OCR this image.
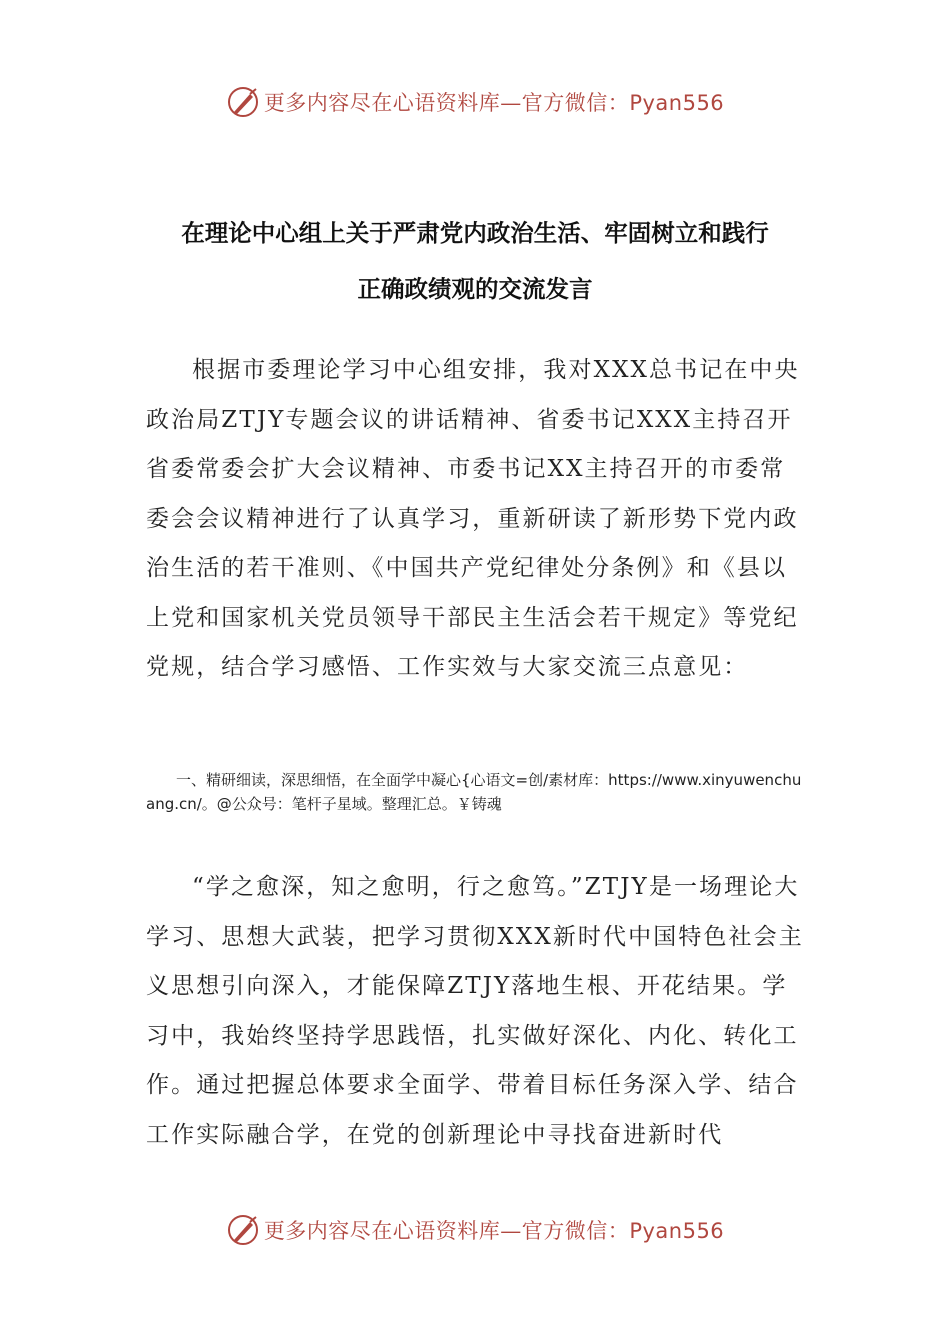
更多内容尽在心语资料库—官方微信：Pyan556
在理论中心组上关于严肃党内政治生活、牢固树立和践行
正确政绩观的交流发言

根据市委理论学习中心组安排，我对XXX总书记在中央政治局ZTJY专题会议的讲话精神、省委书记XXX主持召开省委常委会扩大会议精神、市委书记XX主持召开的市委常委会会议精神进行了认真学习，重新研读了新形势下党内政治生活的若干准则、《中国共产党纪律处分条例》和《县以上党和国家机关党员领导干部民主生活会若干规定》等党纪党规，结合学习感悟、工作实效与大家交流三点意见：

一、精研细读，深思细悟，在全面学中凝心{心语文=创/素材库：https://www.xinyuwenchuang.cn/。@公众号：笔杆子星域。整理汇总。￥铸魂

“学之愈深，知之愈明，行之愈笃。”ZTJY是一场理论大学习、思想大武装，把学习贯彻XXX新时代中国特色社会主义思想引向深入，才能保障ZTJY落地生根、开花结果。学习中，我始终坚持学思践悟，扎实做好深化、内化、转化工作。通过把握总体要求全面学、带着目标任务深入学、结合工作实际融合学，在党的创新理论中寻找奋进新时代

更多内容尽在心语资料库—官方微信：Pyan556
